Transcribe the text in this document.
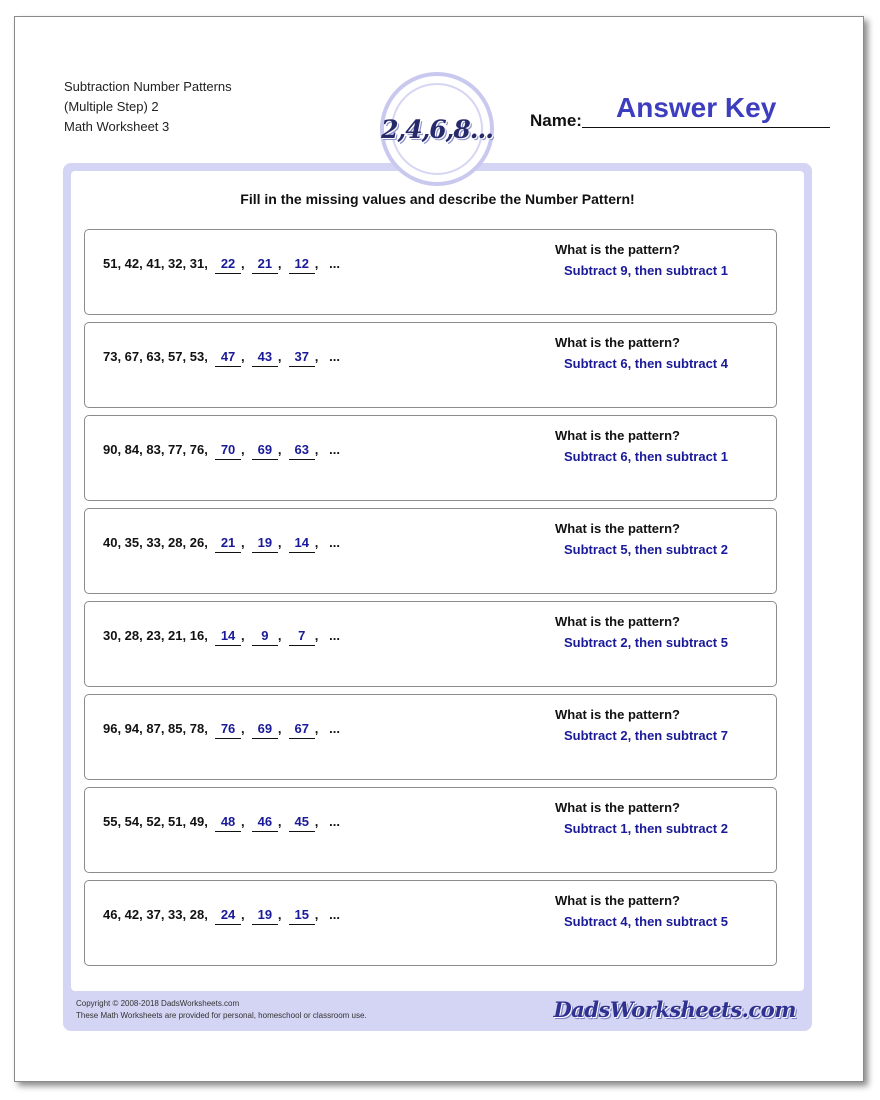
Subtraction Number Patterns
(Multiple Step) 2
Math Worksheet 3	Name: Answer Key
Fill in the missing values and describe the Number Pattern!
51, 42, 41, 32, 31, 22 ,  21 ,  12 ,   ...
What is the pattern?
Subtract 9, then subtract 1
73, 67, 63, 57, 53, 47 ,  43 ,  37 ,   ...
What is the pattern?
Subtract 6, then subtract 4
90, 84, 83, 77, 76, 70 ,  69 ,  63 ,   ...
What is the pattern?
Subtract 6, then subtract 1
40, 35, 33, 28, 26, 21 ,  19 ,  14 ,   ...
What is the pattern?
Subtract 5, then subtract 2
30, 28, 23, 21, 16, 14 ,  9 ,  7 ,   ...
What is the pattern?
Subtract 2, then subtract 5
96, 94, 87, 85, 78, 76 ,  69 ,  67 ,   ...
What is the pattern?
Subtract 2, then subtract 7
55, 54, 52, 51, 49, 48 ,  46 ,  45 ,   ...
What is the pattern?
Subtract 1, then subtract 2
46, 42, 37, 33, 28, 24 ,  19 ,  15 ,   ...
What is the pattern?
Subtract 4, then subtract 5
Copyright © 2008-2018 DadsWorksheets.com
These Math Worksheets are provided for personal, homeschool or classroom use.	DadsWorksheets.com
2,4,6,8...
